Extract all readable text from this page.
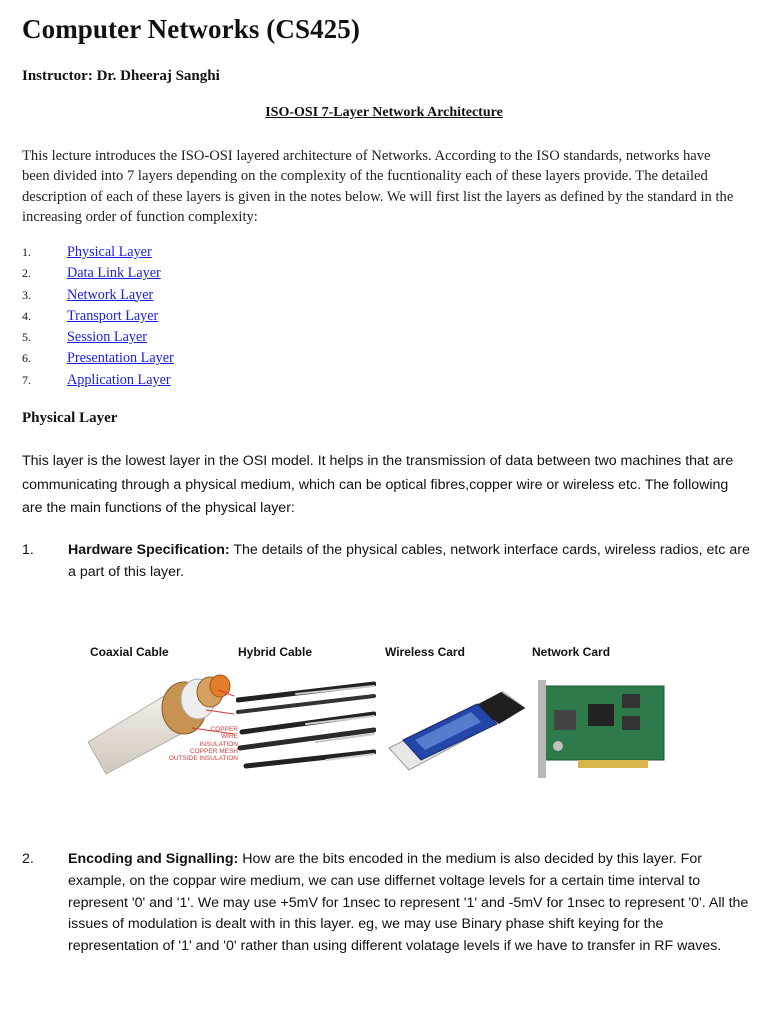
Computer Networks (CS425)
Instructor: Dr. Dheeraj Sanghi
ISO-OSI 7-Layer Network Architecture
This lecture introduces the ISO-OSI layered architecture of Networks. According to the ISO standards, networks have been divided into 7 layers depending on the complexity of the fucntionality each of these layers provide. The detailed description of each of these layers is given in the notes below. We will first list the layers as defined by the standard in the increasing order of function complexity:
1.	Physical Layer
2.	Data Link Layer
3.	Network Layer
4.	Transport Layer
5.	Session Layer
6.	Presentation Layer
7.	Application Layer
Physical Layer
This layer is the lowest layer in the OSI model. It helps in the transmission of data between two machines that are communicating through a physical medium, which can be optical fibres,copper wire or wireless etc. The following are the main functions of the physical layer:
1.	Hardware Specification: The details of the physical cables, network interface cards, wireless radios, etc are a part of this layer.
Coaxial Cable	Hybrid Cable	Wireless Card	Network Card
COPPER
WIRE
INSULATION
COPPER MESH
OUTSIDE INSULATION
2.	Encoding and Signalling: How are the bits encoded in the medium is also decided by this layer. For example, on the coppar wire medium, we can use differnet voltage levels for a certain time interval to represent '0' and '1'. We may use +5mV for 1nsec to represent '1' and -5mV for 1nsec to represent '0'. All the issues of modulation is dealt with in this layer. eg, we may use Binary phase shift keying for the representation of '1' and '0' rather than using different volatage levels if we have to transfer in RF waves.
